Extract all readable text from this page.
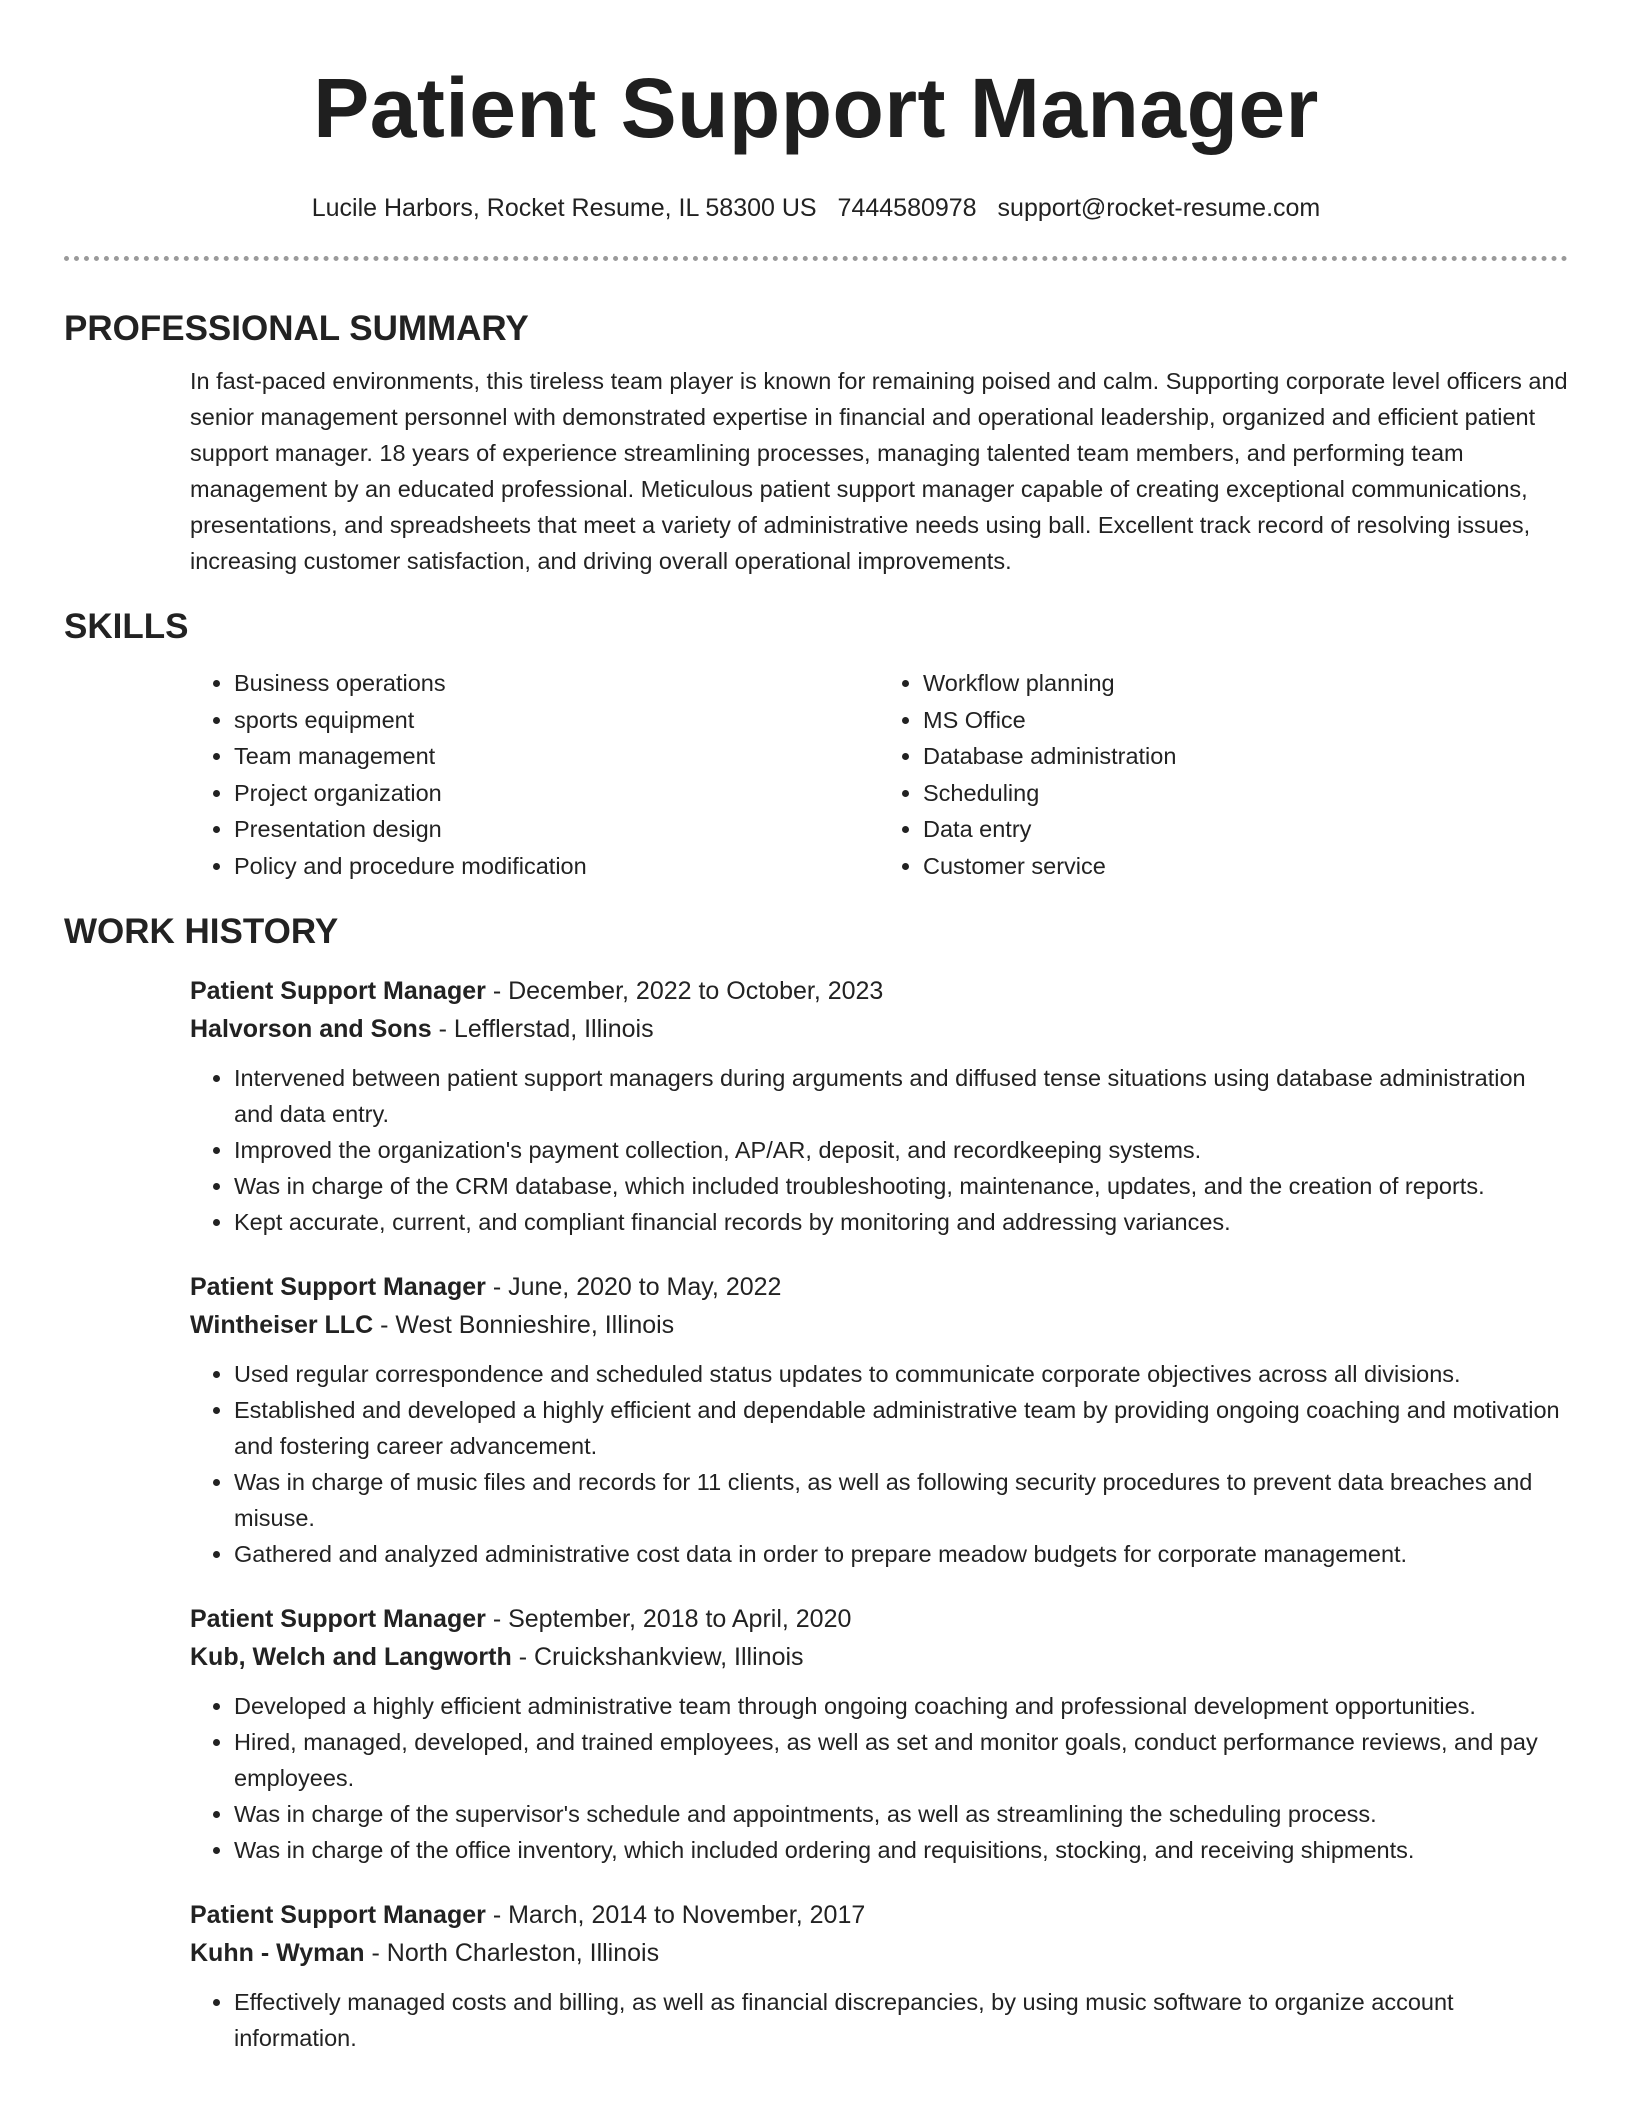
Patient Support Manager
Lucile Harbors, Rocket Resume, IL 58300 US 7444580978 support@rocket-resume.com
PROFESSIONAL SUMMARY

In fast-paced environments, this tireless team player is known for remaining poised and calm. Supporting corporate level officers and senior management personnel with demonstrated expertise in financial and operational leadership, organized and efficient patient support manager. 18 years of experience streamlining processes, managing talented team members, and performing team management by an educated professional. Meticulous patient support manager capable of creating exceptional communications, presentations, and spreadsheets that meet a variety of administrative needs using ball. Excellent track record of resolving issues, increasing customer satisfaction, and driving overall operational improvements.

SKILLS
• Business operations
• sports equipment
• Team management
• Project organization
• Presentation design
• Policy and procedure modification
• Workflow planning
• MS Office
• Database administration
• Scheduling
• Data entry
• Customer service
WORK HISTORY
Patient Support Manager - December, 2022 to October, 2023
Halvorson and Sons - Lefflerstad, Illinois
• Intervened between patient support managers during arguments and diffused tense situations using database administration and data entry.
• Improved the organization's payment collection, AP/AR, deposit, and recordkeeping systems.
• Was in charge of the CRM database, which included troubleshooting, maintenance, updates, and the creation of reports.
• Kept accurate, current, and compliant financial records by monitoring and addressing variances.
Patient Support Manager - June, 2020 to May, 2022
Wintheiser LLC - West Bonnieshire, Illinois
• Used regular correspondence and scheduled status updates to communicate corporate objectives across all divisions.
• Established and developed a highly efficient and dependable administrative team by providing ongoing coaching and motivation and fostering career advancement.
• Was in charge of music files and records for 11 clients, as well as following security procedures to prevent data breaches and misuse.
• Gathered and analyzed administrative cost data in order to prepare meadow budgets for corporate management.
Patient Support Manager - September, 2018 to April, 2020
Kub, Welch and Langworth - Cruickshankview, Illinois
• Developed a highly efficient administrative team through ongoing coaching and professional development opportunities.
• Hired, managed, developed, and trained employees, as well as set and monitor goals, conduct performance reviews, and pay employees.
• Was in charge of the supervisor's schedule and appointments, as well as streamlining the scheduling process.
• Was in charge of the office inventory, which included ordering and requisitions, stocking, and receiving shipments.
Patient Support Manager - March, 2014 to November, 2017
Kuhn - Wyman - North Charleston, Illinois
• Effectively managed costs and billing, as well as financial discrepancies, by using music software to organize account information.
